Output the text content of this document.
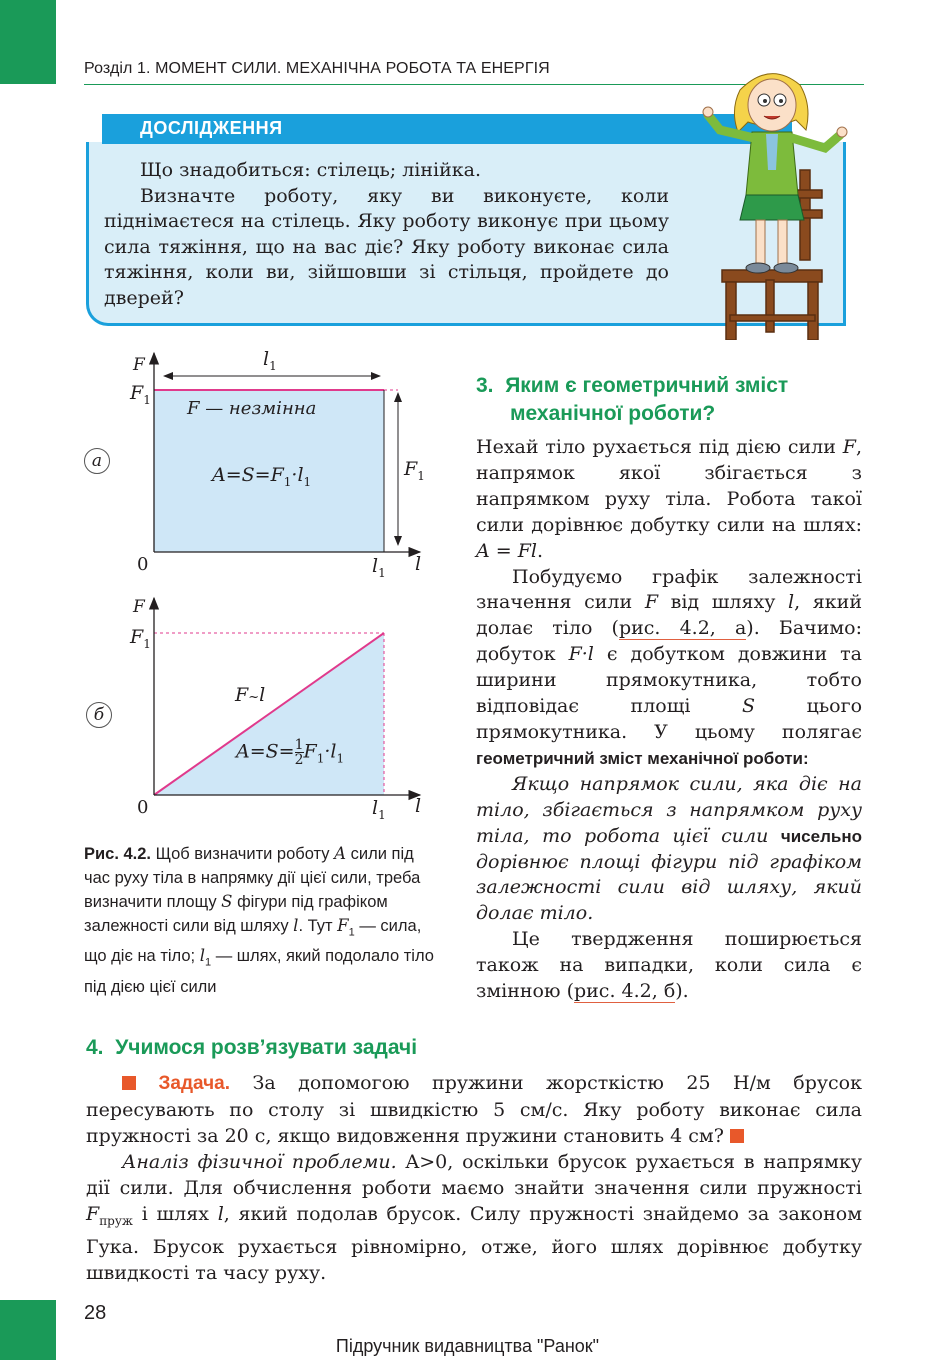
Розділ 1. МОМЕНТ СИЛИ. МЕХАНІЧНА РОБОТА ТА ЕНЕРГІЯ
ДОСЛІДЖЕННЯ

Що знадобиться: стілець; лінійка.

Визначте роботу, яку ви виконуєте, коли піднімаєтеся на стілець. Яку роботу виконує при цьому сила тяжіння, що на вас діє? Яку роботу виконає сила тяжіння, коли ви, зійшовши зі стільця, пройдете до дверей?

F
$F_1$
$l_1$
F — незмінна
$A=S=F_1\cdot l_1$
$F_1$
0	$l_1$ l
а
F
$F_1$
F~l
$A=S= \frac{1}{2} F_1\cdot l_1$
0	$l_1$ l
б
Рис. 4.2. Щоб визначити роботу A сили під час руху тіла в напрямку дії цієї сили, треба визначити площу S фігури під графіком залежності сили від шляху l. Тут $F_1$ — сила, що діє на тіло; $l_1$ — шлях, який подолало тіло під дією цієї сили
3. Яким є геометричний зміст
механічної роботи?

Нехай тіло рухається під дією сили F, напрямок якої збігається з напрямком руху тіла. Робота такої сили дорівнює добутку сили на шлях: A = Fl.

Побудуємо графік залежності значення сили F від шляху l, який долає тіло (рис. 4.2, а). Бачимо: добуток F·l є добутком довжини та ширини прямокутника, тобто відповідає площі S цього прямокутника. У цьому полягає геометричний зміст механічної роботи:

Якщо напрямок сили, яка діє на тіло, збігається з напрямком руху тіла, то робота цієї сили чисельно дорівнює площі фігури під графіком залежності сили від шляху, який долає тіло.

Це твердження поширюється також на випадки, коли сила є змінною (рис. 4.2, б).

4. Учимося розв’язувати задачі

Задача. За допомогою пружини жорсткістю 25 Н/м брусок пересувають по столу зі швидкістю 5 см/с. Яку роботу виконає сила пружності за 20 с, якщо видовження пружини становить 4 см?

Аналіз фізичної проблеми. A>0, оскільки брусок рухається в напрямку дії сили. Для обчислення роботи маємо знайти значення сили пружності $F_{пруж}$ і шлях l, який подолав брусок. Силу пружності знайдемо за законом Гука. Брусок рухається рівномірно, отже, його шлях дорівнює добутку швидкості та часу руху.

28
Підручник видавництва "Ранок"
